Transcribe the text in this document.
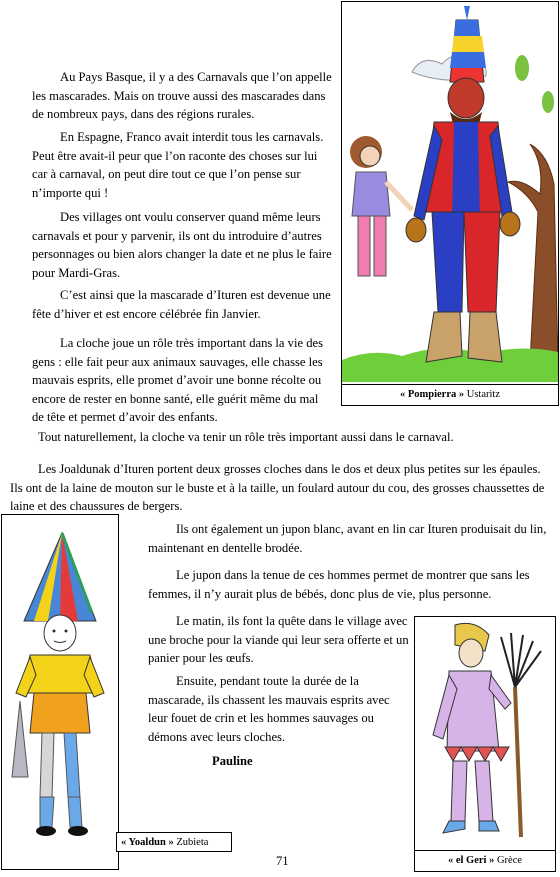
Au Pays Basque, il y a des Carnavals que l’on appelle les mascarades. Mais on trouve aussi des mascarades dans de nombreux pays, dans des régions rurales.

En Espagne, Franco avait interdit tous les carnavals. Peut être avait-il peur que l’on raconte des choses sur lui car à carnaval, on peut dire tout ce que l’on pense sur n’importe qui !

Des villages ont voulu conserver quand même leurs carnavals et pour y parvenir, ils ont du introduire d’autres personnages ou bien alors changer la date et ne plus le faire pour Mardi-Gras.

C’est ainsi que la mascarade d’Ituren est devenue une fête d’hiver et est encore célébrée fin Janvier.

La cloche joue un rôle très important dans la vie des gens : elle fait peur aux animaux sauvages, elle chasse les mauvais esprits, elle promet d’avoir une bonne récolte ou encore de rester en bonne santé, elle guérit même du mal de tête et permet d’avoir des enfants.

Tout naturellement, la cloche va tenir un rôle très important aussi dans le carnaval.

Les Joaldunak d’Ituren portent deux grosses cloches dans le dos et deux plus petites sur les épaules. Ils ont de la laine de mouton sur le buste et à la taille, un foulard autour du cou, des grosses chaussettes de laine et des chaussures de bergers.

Ils ont également un jupon blanc, avant en lin car Ituren produisait du lin, maintenant en dentelle brodée.

Le jupon dans la tenue de ces hommes permet de montrer que sans les femmes, il n’y aurait plus de bébés, donc plus de vie, plus personne.

Le matin, ils font la quête dans le village avec une broche pour la viande qui leur sera offerte et un panier pour les œufs.

Ensuite, pendant toute la durée de la mascarade, ils chassent les mauvais esprits avec leur fouet de crin et les hommes sauvages ou démons avec leurs cloches.

Pauline
71
« Pompierra » Ustaritz
« Yoaldun » Zubieta
« el Geri » Grèce
